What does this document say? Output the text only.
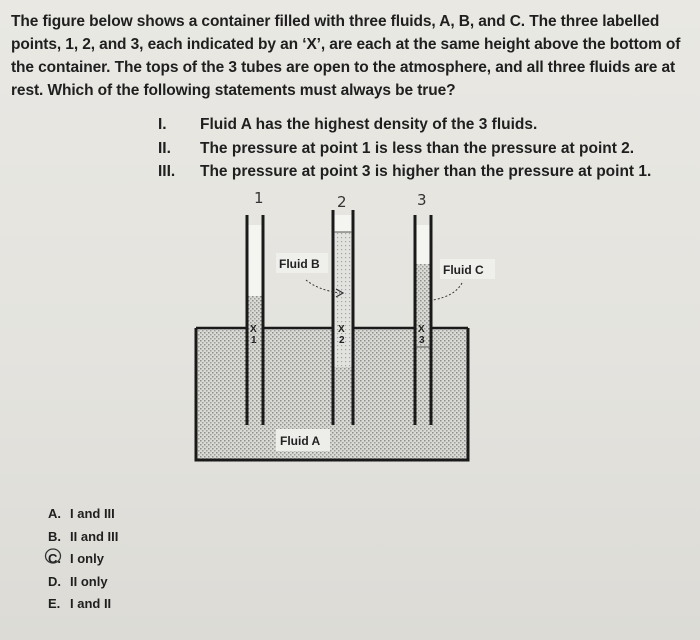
The figure below shows a container filled with three fluids, A, B, and C. The three labelled points, 1, 2, and 3, each indicated by an ‘X’, are each at the same height above the bottom of the container. The tops of the 3 tubes are open to the atmosphere, and all three fluids are at rest. Which of the following statements must always be true?
I.	Fluid A has the highest density of the 3 fluids.
II.	The pressure at point 1 is less than the pressure at point 2.
III.	The pressure at point 3 is higher than the pressure at point 1.
1	2	3
X
1
X
2
X
3
Fluid B	Fluid C
Fluid A
A. I and III
B. II and III
C. I only
D. II only
E. I and II
